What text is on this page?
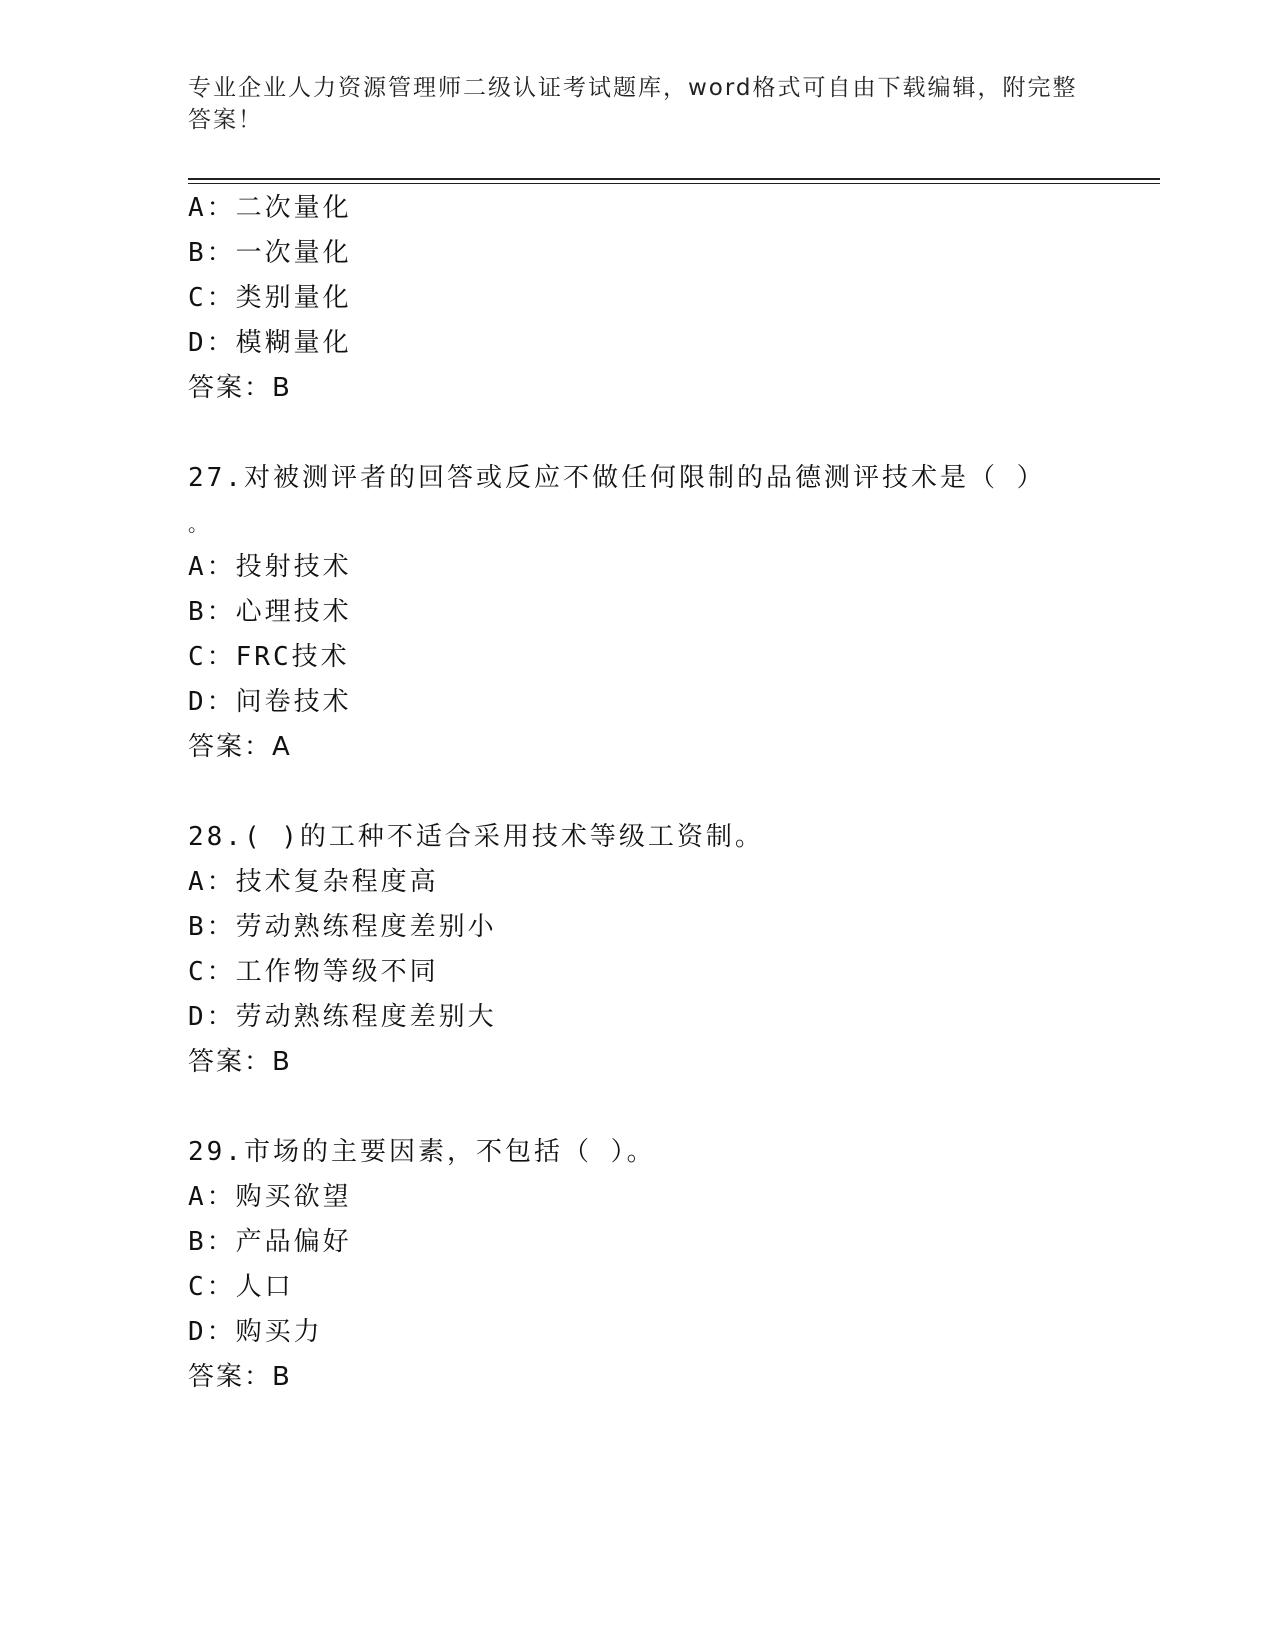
专业企业人力资源管理师二级认证考试题库，word格式可自由下载编辑，附完整
答案！
A：二次量化
B：一次量化
C：类别量化
D：模糊量化
答案：B
27.对被测评者的回答或反应不做任何限制的品德测评技术是（ ）
。
A：投射技术
B：心理技术
C：FRC技术
D：问卷技术
答案：A
28.( )的工种不适合采用技术等级工资制。
A：技术复杂程度高
B：劳动熟练程度差别小
C：工作物等级不同
D：劳动熟练程度差别大
答案：B
29.市场的主要因素，不包括（ ）。
A：购买欲望
B：产品偏好
C：人口
D：购买力
答案：B
